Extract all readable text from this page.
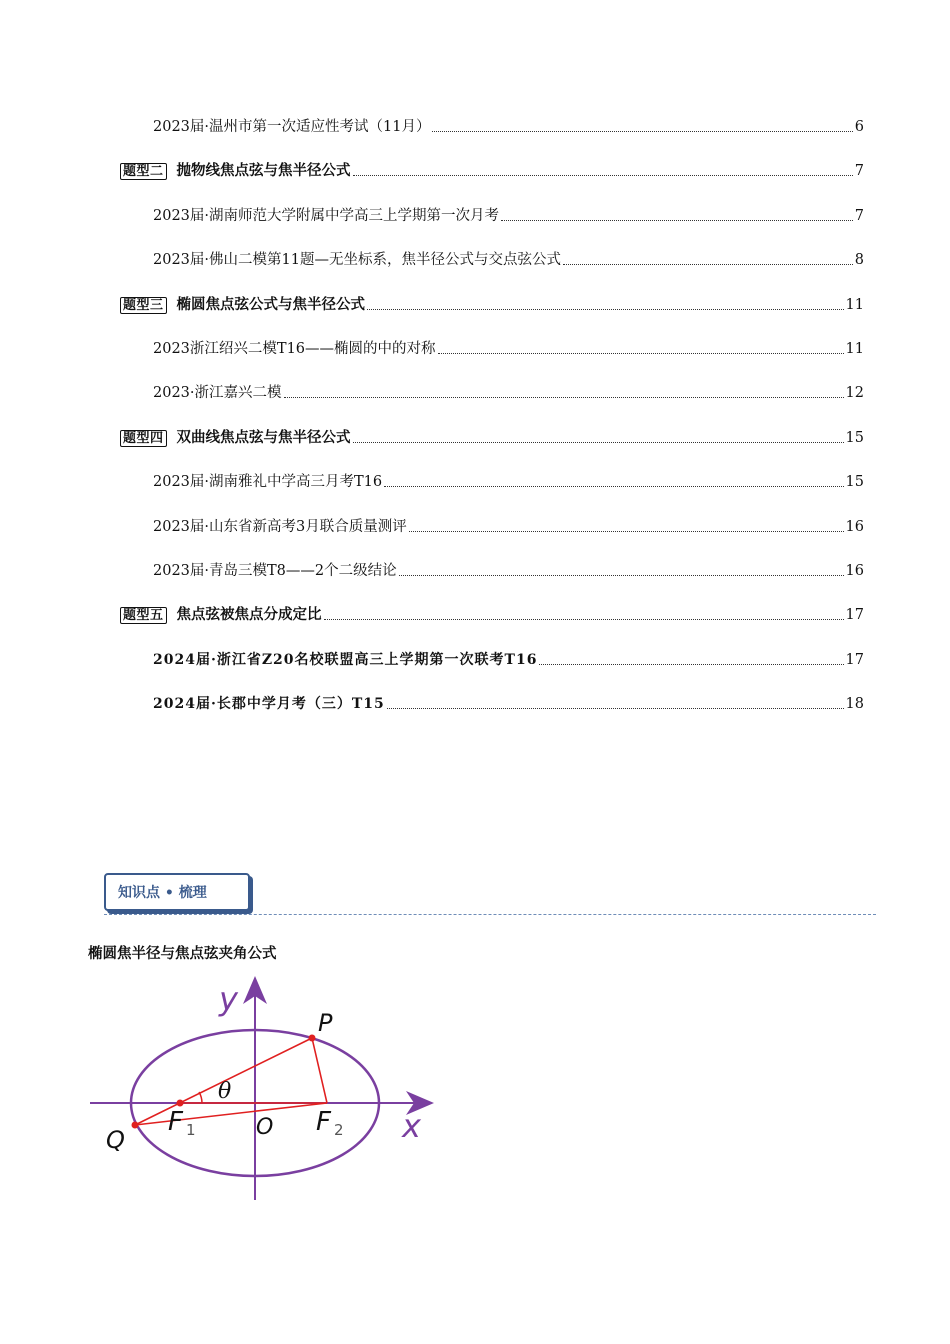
2023届·温州市第一次适应性考试（11月）	6
题型二 抛物线焦点弦与焦半径公式	7
2023届·湖南师范大学附属中学高三上学期第一次月考	7
2023届·佛山二模第11题—无坐标系，焦半径公式与交点弦公式	8
题型三 椭圆焦点弦公式与焦半径公式	11
2023浙江绍兴二模T16——椭圆的中的对称	11
2023·浙江嘉兴二模	12
题型四 双曲线焦点弦与焦半径公式	15
2023届·湖南雅礼中学高三月考T16	15
2023届·山东省新高考3月联合质量测评	16
2023届·青岛三模T8——2个二级结论	16
题型五 焦点弦被焦点分成定比	17
2024届·浙江省Z20名校联盟高三上学期第一次联考T16	17
2024届·长郡中学月考（三）T15	18
知识点 • 梳理
椭圆焦半径与焦点弦夹角公式
y
x
P
θ
F 1	O F 2
Q
